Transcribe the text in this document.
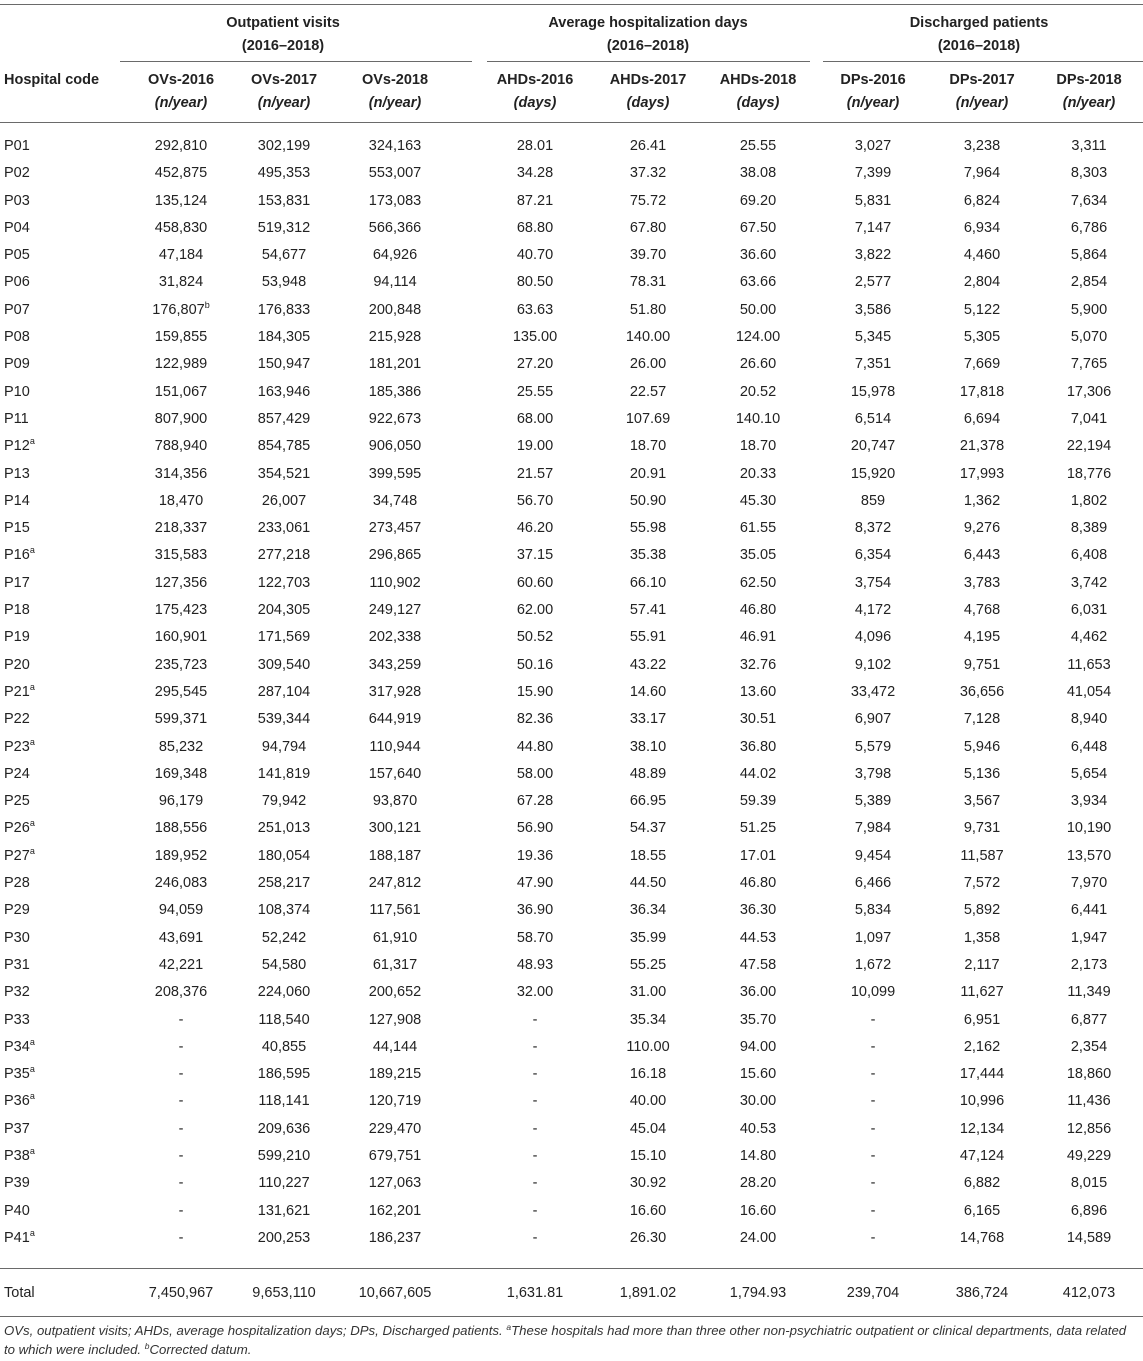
Outpatient visits
(2016–2018)
Average hospitalization days
(2016–2018)
Discharged patients
(2016–2018)
Hospital code	OVs-2016	OVs-2017	OVs-2018	AHDs-2016	AHDs-2017	AHDs-2018	DPs-2016	DPs-2017	DPs-2018
(n/year)	(n/year)	(n/year)	(days)	(days)	(days)	(n/year)	(n/year)	(n/year)
P01	292,810	302,199	324,163	28.01	26.41	25.55	3,027	3,238	3,311
P02	452,875	495,353	553,007	34.28	37.32	38.08	7,399	7,964	8,303
P03	135,124	153,831	173,083	87.21	75.72	69.20	5,831	6,824	7,634
P04	458,830	519,312	566,366	68.80	67.80	67.50	7,147	6,934	6,786
P05	47,184	54,677	64,926	40.70	39.70	36.60	3,822	4,460	5,864
P06	31,824	53,948	94,114	80.50	78.31	63.66	2,577	2,804	2,854
P07	176,807$^b$	176,833	200,848	63.63	51.80	50.00	3,586	5,122	5,900
P08	159,855	184,305	215,928	135.00	140.00	124.00	5,345	5,305	5,070
P09	122,989	150,947	181,201	27.20	26.00	26.60	7,351	7,669	7,765
P10	151,067	163,946	185,386	25.55	22.57	20.52	15,978	17,818	17,306
P11	807,900	857,429	922,673	68.00	107.69	140.10	6,514	6,694	7,041
P12$^a$	788,940	854,785	906,050	19.00	18.70	18.70	20,747	21,378	22,194
P13	314,356	354,521	399,595	21.57	20.91	20.33	15,920	17,993	18,776
P14	18,470	26,007	34,748	56.70	50.90	45.30	859	1,362	1,802
P15	218,337	233,061	273,457	46.20	55.98	61.55	8,372	9,276	8,389
P16$^a$	315,583	277,218	296,865	37.15	35.38	35.05	6,354	6,443	6,408
P17	127,356	122,703	110,902	60.60	66.10	62.50	3,754	3,783	3,742
P18	175,423	204,305	249,127	62.00	57.41	46.80	4,172	4,768	6,031
P19	160,901	171,569	202,338	50.52	55.91	46.91	4,096	4,195	4,462
P20	235,723	309,540	343,259	50.16	43.22	32.76	9,102	9,751	11,653
P21$^a$	295,545	287,104	317,928	15.90	14.60	13.60	33,472	36,656	41,054
P22	599,371	539,344	644,919	82.36	33.17	30.51	6,907	7,128	8,940
P23$^a$	85,232	94,794	110,944	44.80	38.10	36.80	5,579	5,946	6,448
P24	169,348	141,819	157,640	58.00	48.89	44.02	3,798	5,136	5,654
P25	96,179	79,942	93,870	67.28	66.95	59.39	5,389	3,567	3,934
P26$^a$	188,556	251,013	300,121	56.90	54.37	51.25	7,984	9,731	10,190
P27$^a$	189,952	180,054	188,187	19.36	18.55	17.01	9,454	11,587	13,570
P28	246,083	258,217	247,812	47.90	44.50	46.80	6,466	7,572	7,970
P29	94,059	108,374	117,561	36.90	36.34	36.30	5,834	5,892	6,441
P30	43,691	52,242	61,910	58.70	35.99	44.53	1,097	1,358	1,947
P31	42,221	54,580	61,317	48.93	55.25	47.58	1,672	2,117	2,173
P32	208,376	224,060	200,652	32.00	31.00	36.00	10,099	11,627	11,349
P33	-	118,540	127,908	-	35.34	35.70	-	6,951	6,877
P34$^a$	-	40,855	44,144	-	110.00	94.00	-	2,162	2,354
P35$^a$	-	186,595	189,215	-	16.18	15.60	-	17,444	18,860
P36$^a$	-	118,141	120,719	-	40.00	30.00	-	10,996	11,436
P37	-	209,636	229,470	-	45.04	40.53	-	12,134	12,856
P38$^a$	-	599,210	679,751	-	15.10	14.80	-	47,124	49,229
P39	-	110,227	127,063	-	30.92	28.20	-	6,882	8,015
P40	-	131,621	162,201	-	16.60	16.60	-	6,165	6,896
P41$^a$	-	200,253	186,237	-	26.30	24.00	-	14,768	14,589
Total	7,450,967	9,653,110	10,667,605	1,631.81	1,891.02	1,794.93	239,704	386,724	412,073
OVs, outpatient visits; AHDs, average hospitalization days; DPs, Discharged patients. $^a$These hospitals had more than three other non-psychiatric outpatient or clinical departments, data related to which were included. $^b$Corrected datum.
